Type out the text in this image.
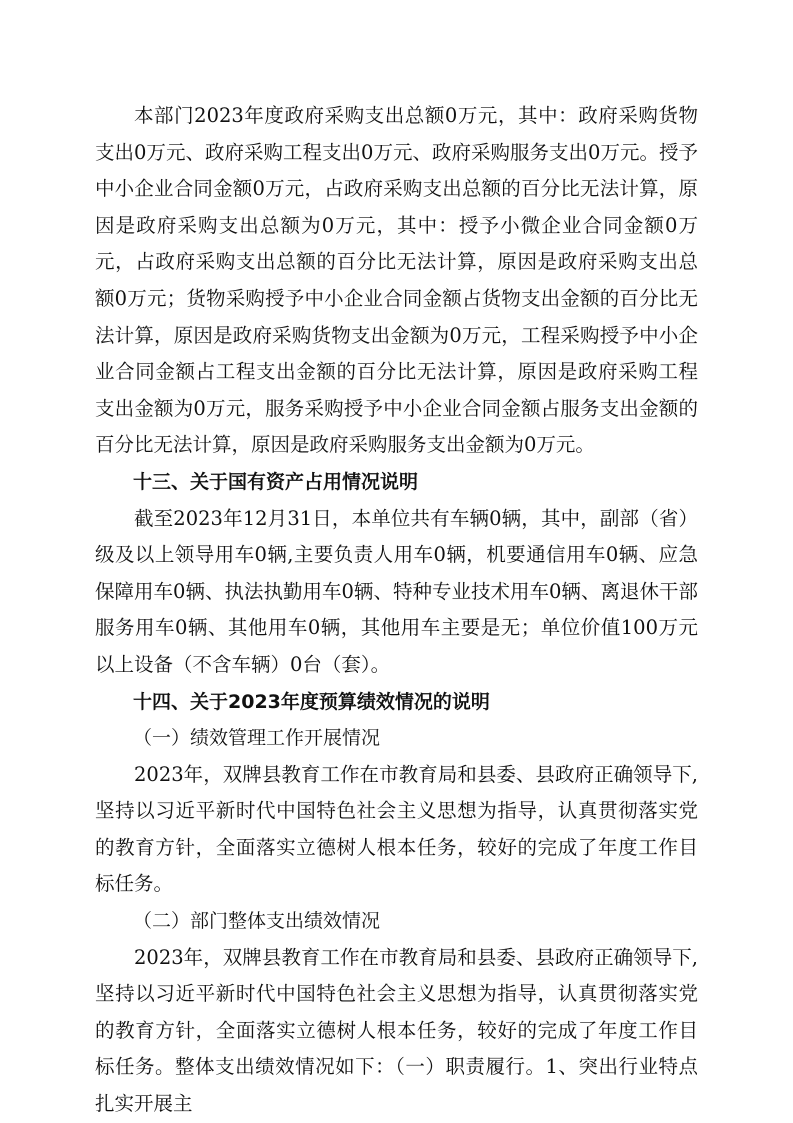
本部门2023年度政府采购支出总额0万元，其中：政府采购货物支出0万元、政府采购工程支出0万元、政府采购服务支出0万元。授予中小企业合同金额0万元，占政府采购支出总额的百分比无法计算，原因是政府采购支出总额为0万元，其中：授予小微企业合同金额0万元，占政府采购支出总额的百分比无法计算，原因是政府采购支出总额0万元；货物采购授予中小企业合同金额占货物支出金额的百分比无法计算，原因是政府采购货物支出金额为0万元，工程采购授予中小企业合同金额占工程支出金额的百分比无法计算，原因是政府采购工程支出金额为0万元，服务采购授予中小企业合同金额占服务支出金额的百分比无法计算，原因是政府采购服务支出金额为0万元。

十三、关于国有资产占用情况说明

截至2023年12月31日，本单位共有车辆0辆，其中，副部（省）级及以上领导用车0辆,主要负责人用车0辆，机要通信用车0辆、应急保障用车0辆、执法执勤用车0辆、特种专业技术用车0辆、离退休干部服务用车0辆、其他用车0辆，其他用车主要是无；单位价值100万元以上设备（不含车辆）0台（套）。

十四、关于2023年度预算绩效情况的说明

（一）绩效管理工作开展情况

2023年，双牌县教育工作在市教育局和县委、县政府正确领导下,坚持以习近平新时代中国特色社会主义思想为指导，认真贯彻落实党的教育方针，全面落实立德树人根本任务，较好的完成了年度工作目标任务。

（二）部门整体支出绩效情况

2023年，双牌县教育工作在市教育局和县委、县政府正确领导下,坚持以习近平新时代中国特色社会主义思想为指导，认真贯彻落实党的教育方针，全面落实立德树人根本任务，较好的完成了年度工作目标任务。整体支出绩效情况如下：（一）职责履行。1、突出行业特点扎实开展主
